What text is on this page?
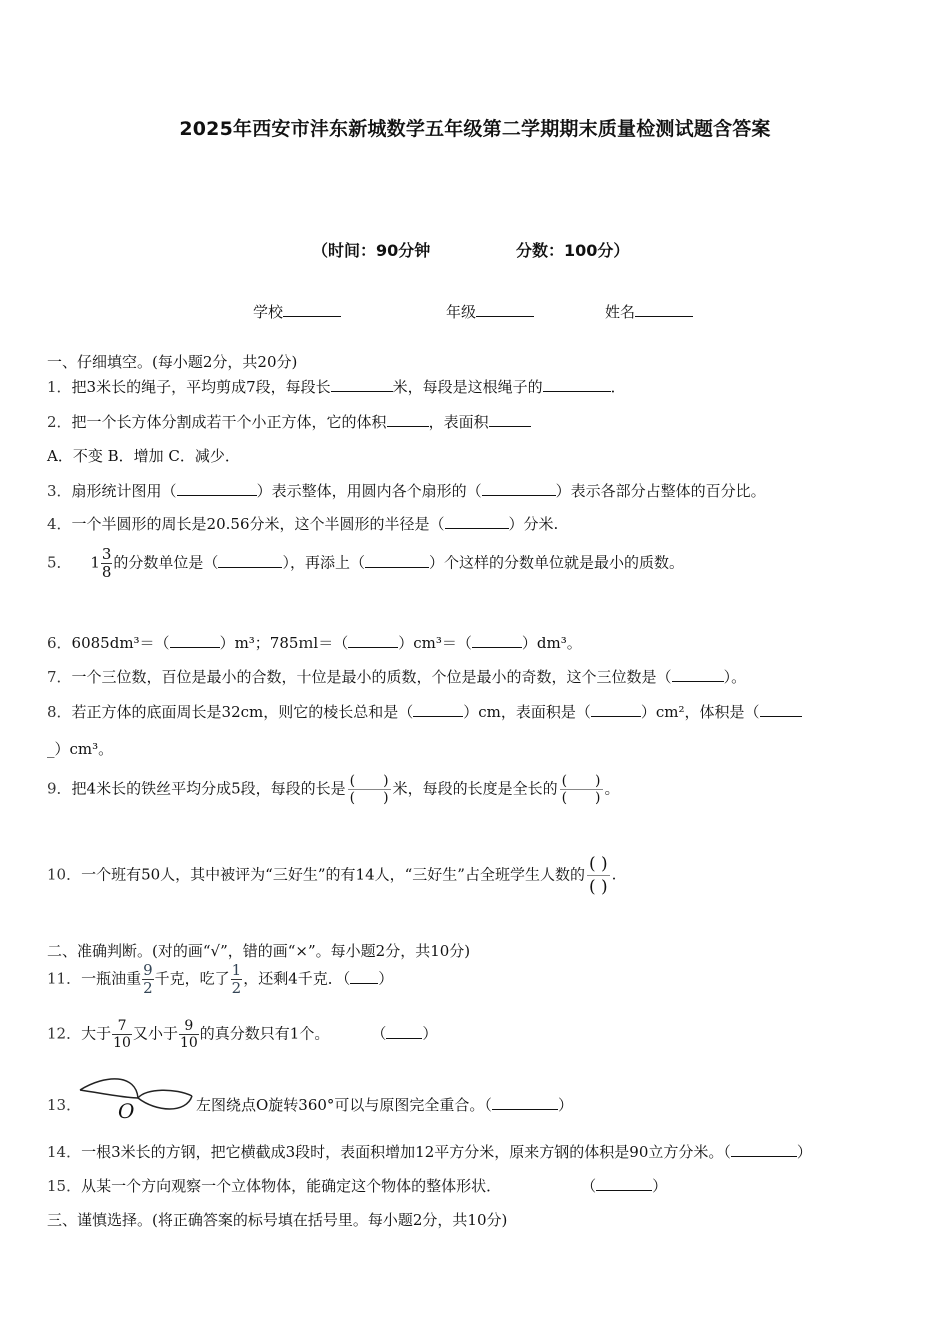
2025年西安市沣东新城数学五年级第二学期期末质量检测试题含答案
（时间：90分钟	分数：100分）
学校	年级	姓名
一、仔细填空。(每小题2分，共20分)
1．把3米长的绳子，平均剪成7段，每段长	米，每段是这根绳子的	．
2．把一个长方体分割成若干个小正方体，它的体积	，表面积
A．不变 B．增加 C．减少．
3．扇形统计图用（	）表示整体，用圆内各个扇形的（	）表示各部分占整体的百分比。
4．一个半圆形的周长是20.56分米，这个半圆形的半径是（	）分米.
5． $1 \frac{3}{8}$ 的分数单位是（	），再添上（	）个这样的分数单位就是最小的质数。
6．6085dm³＝（	）m³；785ｍl＝（	）cm³＝（	）dm³。
7．一个三位数，百位是最小的合数，十位是最小的质数，个位是最小的奇数，这个三位数是（	）。
8．若正方体的底面周长是32cm，则它的棱长总和是（	）cm，表面积是（	）cm²，体积是（
_）cm³。
9．把4米长的铁丝平均分成5段，每段的长是 (　　)
(　　)
米，每段的长度是全长的 (　　)
(　　)
。
10．一个班有50人，其中被评为“三好生”的有14人，“三好生”占全班学生人数的
( )
( )
.
二、准确判断。(对的画“√”，错的画“×”。每小题2分，共10分)
11．一瓶油重 $\frac{9}{2}$ 千克，吃了 $\frac{1}{2}$ ，还剩4千克．（ ）
12．大于 $\frac{7}{10}$ 又小于 $\frac{9}{10}$ 的真分数只有1个。	（ ）
13． O	左图绕点O旋转360°可以与原图完全重合。（	）
14．一根3米长的方钢，把它横截成3段时，表面积增加12平方分米，原来方钢的体积是90立方分米。（	）
15．从某一个方向观察一个立体物体，能确定这个物体的整体形状．	（	）
三、谨慎选择。(将正确答案的标号填在括号里。每小题2分，共10分)
